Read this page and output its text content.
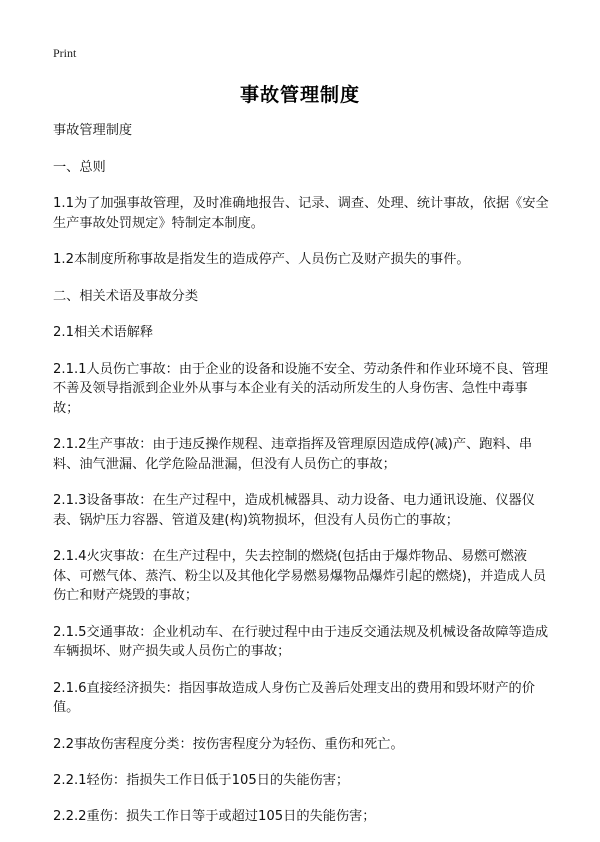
Print
事故管理制度

事故管理制度

一、总则

1.1为了加强事故管理，及时准确地报告、记录、调查、处理、统计事故，依据《安全生产事故处罚规定》特制定本制度。

1.2本制度所称事故是指发生的造成停产、人员伤亡及财产损失的事件。

二、相关术语及事故分类

2.1相关术语解释

2.1.1人员伤亡事故：由于企业的设备和设施不安全、劳动条件和作业环境不良、管理不善及领导指派到企业外从事与本企业有关的活动所发生的人身伤害、急性中毒事故；

2.1.2生产事故：由于违反操作规程、违章指挥及管理原因造成停(减)产、跑料、串料、油气泄漏、化学危险品泄漏，但没有人员伤亡的事故；

2.1.3设备事故：在生产过程中，造成机械器具、动力设备、电力通讯设施、仪器仪表、锅炉压力容器、管道及建(构)筑物损坏，但没有人员伤亡的事故；

2.1.4火灾事故：在生产过程中，失去控制的燃烧(包括由于爆炸物品、易燃可燃液体、可燃气体、蒸汽、粉尘以及其他化学易燃易爆物品爆炸引起的燃烧)，并造成人员伤亡和财产烧毁的事故；

2.1.5交通事故：企业机动车、在行驶过程中由于违反交通法规及机械设备故障等造成车辆损坏、财产损失或人员伤亡的事故；

2.1.6直接经济损失：指因事故造成人身伤亡及善后处理支出的费用和毁坏财产的价值。

2.2事故伤害程度分类：按伤害程度分为轻伤、重伤和死亡。

2.2.1轻伤：指损失工作日低于105日的失能伤害；

2.2.2重伤：损失工作日等于或超过105日的失能伤害；
